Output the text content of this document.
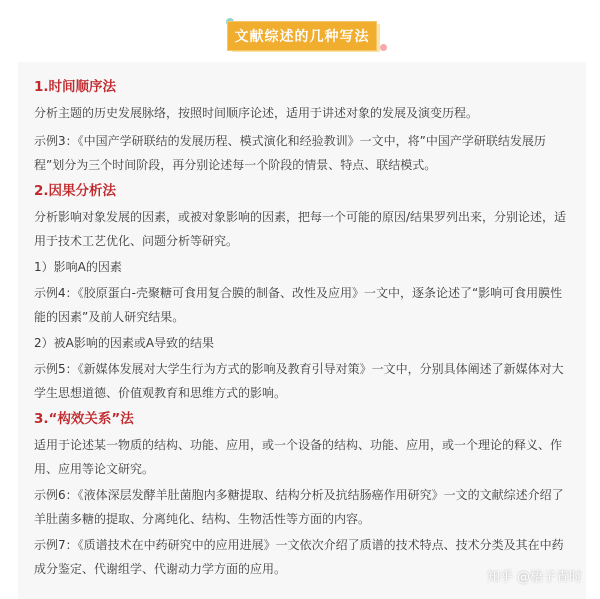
文献综述的几种写法

1.时间顺序法

分析主题的历史发展脉络，按照时间顺序论述，适用于讲述对象的发展及演变历程。

示例3：《中国产学研联结的发展历程、模式演化和经验教训》一文中，将”中国产学研联结发展历程”划分为三个时间阶段，再分别论述每一个阶段的情景、特点、联结模式。

2.因果分析法

分析影响对象发展的因素，或被对象影响的因素，把每一个可能的原因/结果罗列出来，分别论述，适用于技术工艺优化、问题分析等研究。

1）影响A的因素

示例4：《胶原蛋白-壳聚糖可食用复合膜的制备、改性及应用》一文中，逐条论述了“影响可食用膜性能的因素”及前人研究结果。

2）被A影响的因素或A导致的结果

示例5：《新媒体发展对大学生行为方式的影响及教育引导对策》一文中，分别具体阐述了新媒体对大学生思想道德、价值观教育和思维方式的影响。

3.“构效关系”法

适用于论述某一物质的结构、功能、应用，或一个设备的结构、功能、应用，或一个理论的释义、作用、应用等论文研究。

示例6：《液体深层发酵羊肚菌胞内多糖提取、结构分析及抗结肠癌作用研究》一文的文献综述介绍了羊肚菌多糖的提取、分离纯化、结构、生物活性等方面的内容。

示例7：《质谱技术在中药研究中的应用进展》一文依次介绍了质谱的技术特点、技术分类及其在中药成分鉴定、代谢组学、代谢动力学方面的应用。

知乎 @梧子青时
